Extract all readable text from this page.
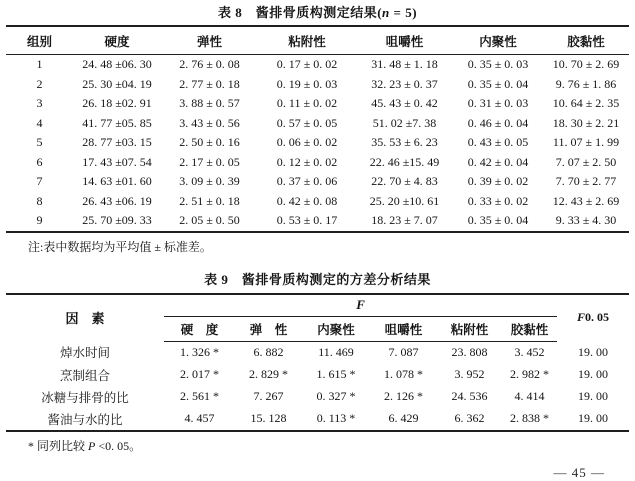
表 8　酱排骨质构测定结果(n = 5)
组别	硬度	弹性	粘附性	咀嚼性	内聚性	胶黏性
1	24. 48 ±06. 30	2. 76 ± 0. 08	0. 17 ± 0. 02	31. 48 ± 1. 18	0. 35 ± 0. 03	10. 70 ± 2. 69
2	25. 30 ±04. 19	2. 77 ± 0. 18	0. 19 ± 0. 03	32. 23 ± 0. 37	0. 35 ± 0. 04	9. 76 ± 1. 86
3	26. 18 ±02. 91	3. 88 ± 0. 57	0. 11 ± 0. 02	45. 43 ± 0. 42	0. 31 ± 0. 03	10. 64 ± 2. 35
4	41. 77 ±05. 85	3. 43 ± 0. 56	0. 57 ± 0. 05	51. 02 ±7. 38	0. 46 ± 0. 04	18. 30 ± 2. 21
5	28. 77 ±03. 15	2. 50 ± 0. 16	0. 06 ± 0. 02	35. 53 ± 6. 23	0. 43 ± 0. 05	11. 07 ± 1. 99
6	17. 43 ±07. 54	2. 17 ± 0. 05	0. 12 ± 0. 02	22. 46 ±15. 49	0. 42 ± 0. 04	7. 07 ± 2. 50
7	14. 63 ±01. 60	3. 09 ± 0. 39	0. 37 ± 0. 06	22. 70 ± 4. 83	0. 39 ± 0. 02	7. 70 ± 2. 77
8	26. 43 ±06. 19	2. 51 ± 0. 18	0. 42 ± 0. 08	25. 20 ±10. 61	0. 33 ± 0. 02	12. 43 ± 2. 69
9	25. 70 ±09. 33	2. 05 ± 0. 50	0. 53 ± 0. 17	18. 23 ± 7. 07	0. 35 ± 0. 04	9. 33 ± 4. 30
注:表中数据均为平均值 ± 标准差。
表 9　酱排骨质构测定的方差分析结果
因　素	F						F0. 05
	硬　度	弹　性	内聚性	咀嚼性	粘附性	胶黏性	
焯水时间	1. 326 *	6. 882	11. 469	7. 087	23. 808	3. 452	19. 00
烹制组合	2. 017 *	2. 829 *	1. 615 *	1. 078 *	3. 952	2. 982 *	19. 00
冰糖与排骨的比	2. 561 *	7. 267	0. 327 *	2. 126 *	24. 536	4. 414	19. 00
酱油与水的比	4. 457	15. 128	0. 113 *	6. 429	6. 362	2. 838 *	19. 00
* 同列比较 P <0. 05。
— 45 —
